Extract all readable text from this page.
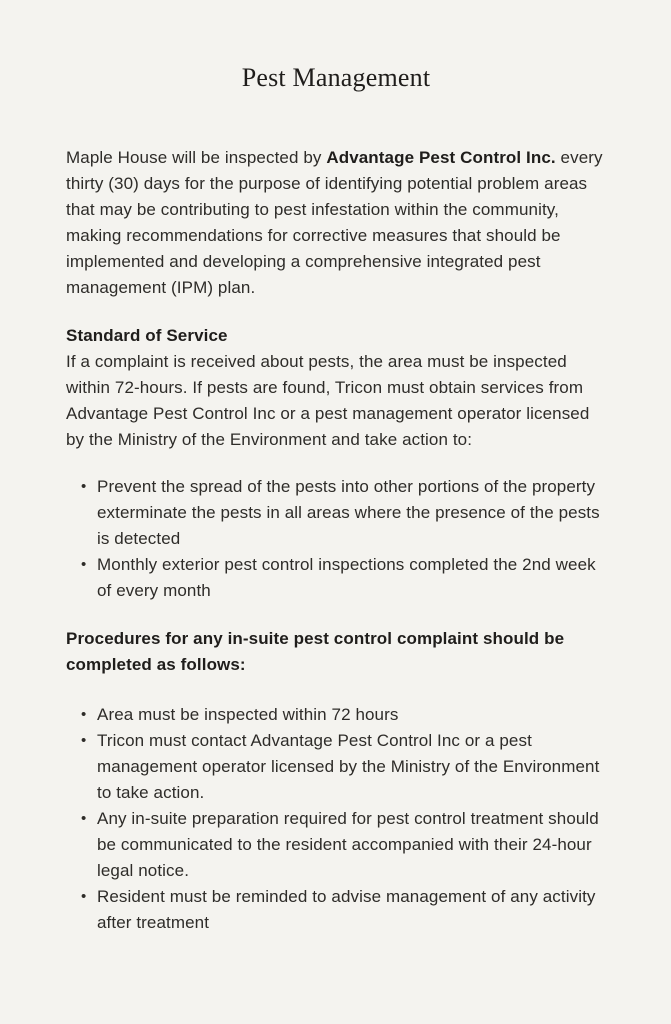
Pest Management

Maple House will be inspected by Advantage Pest Control Inc. every thirty (30) days for the purpose of identifying potential problem areas that may be contributing to pest infestation within the community, making recommendations for corrective measures that should be implemented and developing a comprehensive integrated pest management (IPM) plan.

Standard of Service
If a complaint is received about pests, the area must be inspected within 72-hours. If pests are found, Tricon must obtain services from Advantage Pest Control Inc or a pest management operator licensed by the Ministry of the Environment and take action to:
• Prevent the spread of the pests into other portions of the property exterminate the pests in all areas where the presence of the pests is detected
• Monthly exterior pest control inspections completed the 2nd week of every month

Procedures for any in-suite pest control complaint should be completed as follows:

• Area must be inspected within 72 hours
• Tricon must contact Advantage Pest Control Inc or a pest management operator licensed by the Ministry of the Environment to take action.
• Any in-suite preparation required for pest control treatment should be communicated to the resident accompanied with their 24-hour legal notice.
• Resident must be reminded to advise management of any activity after treatment
